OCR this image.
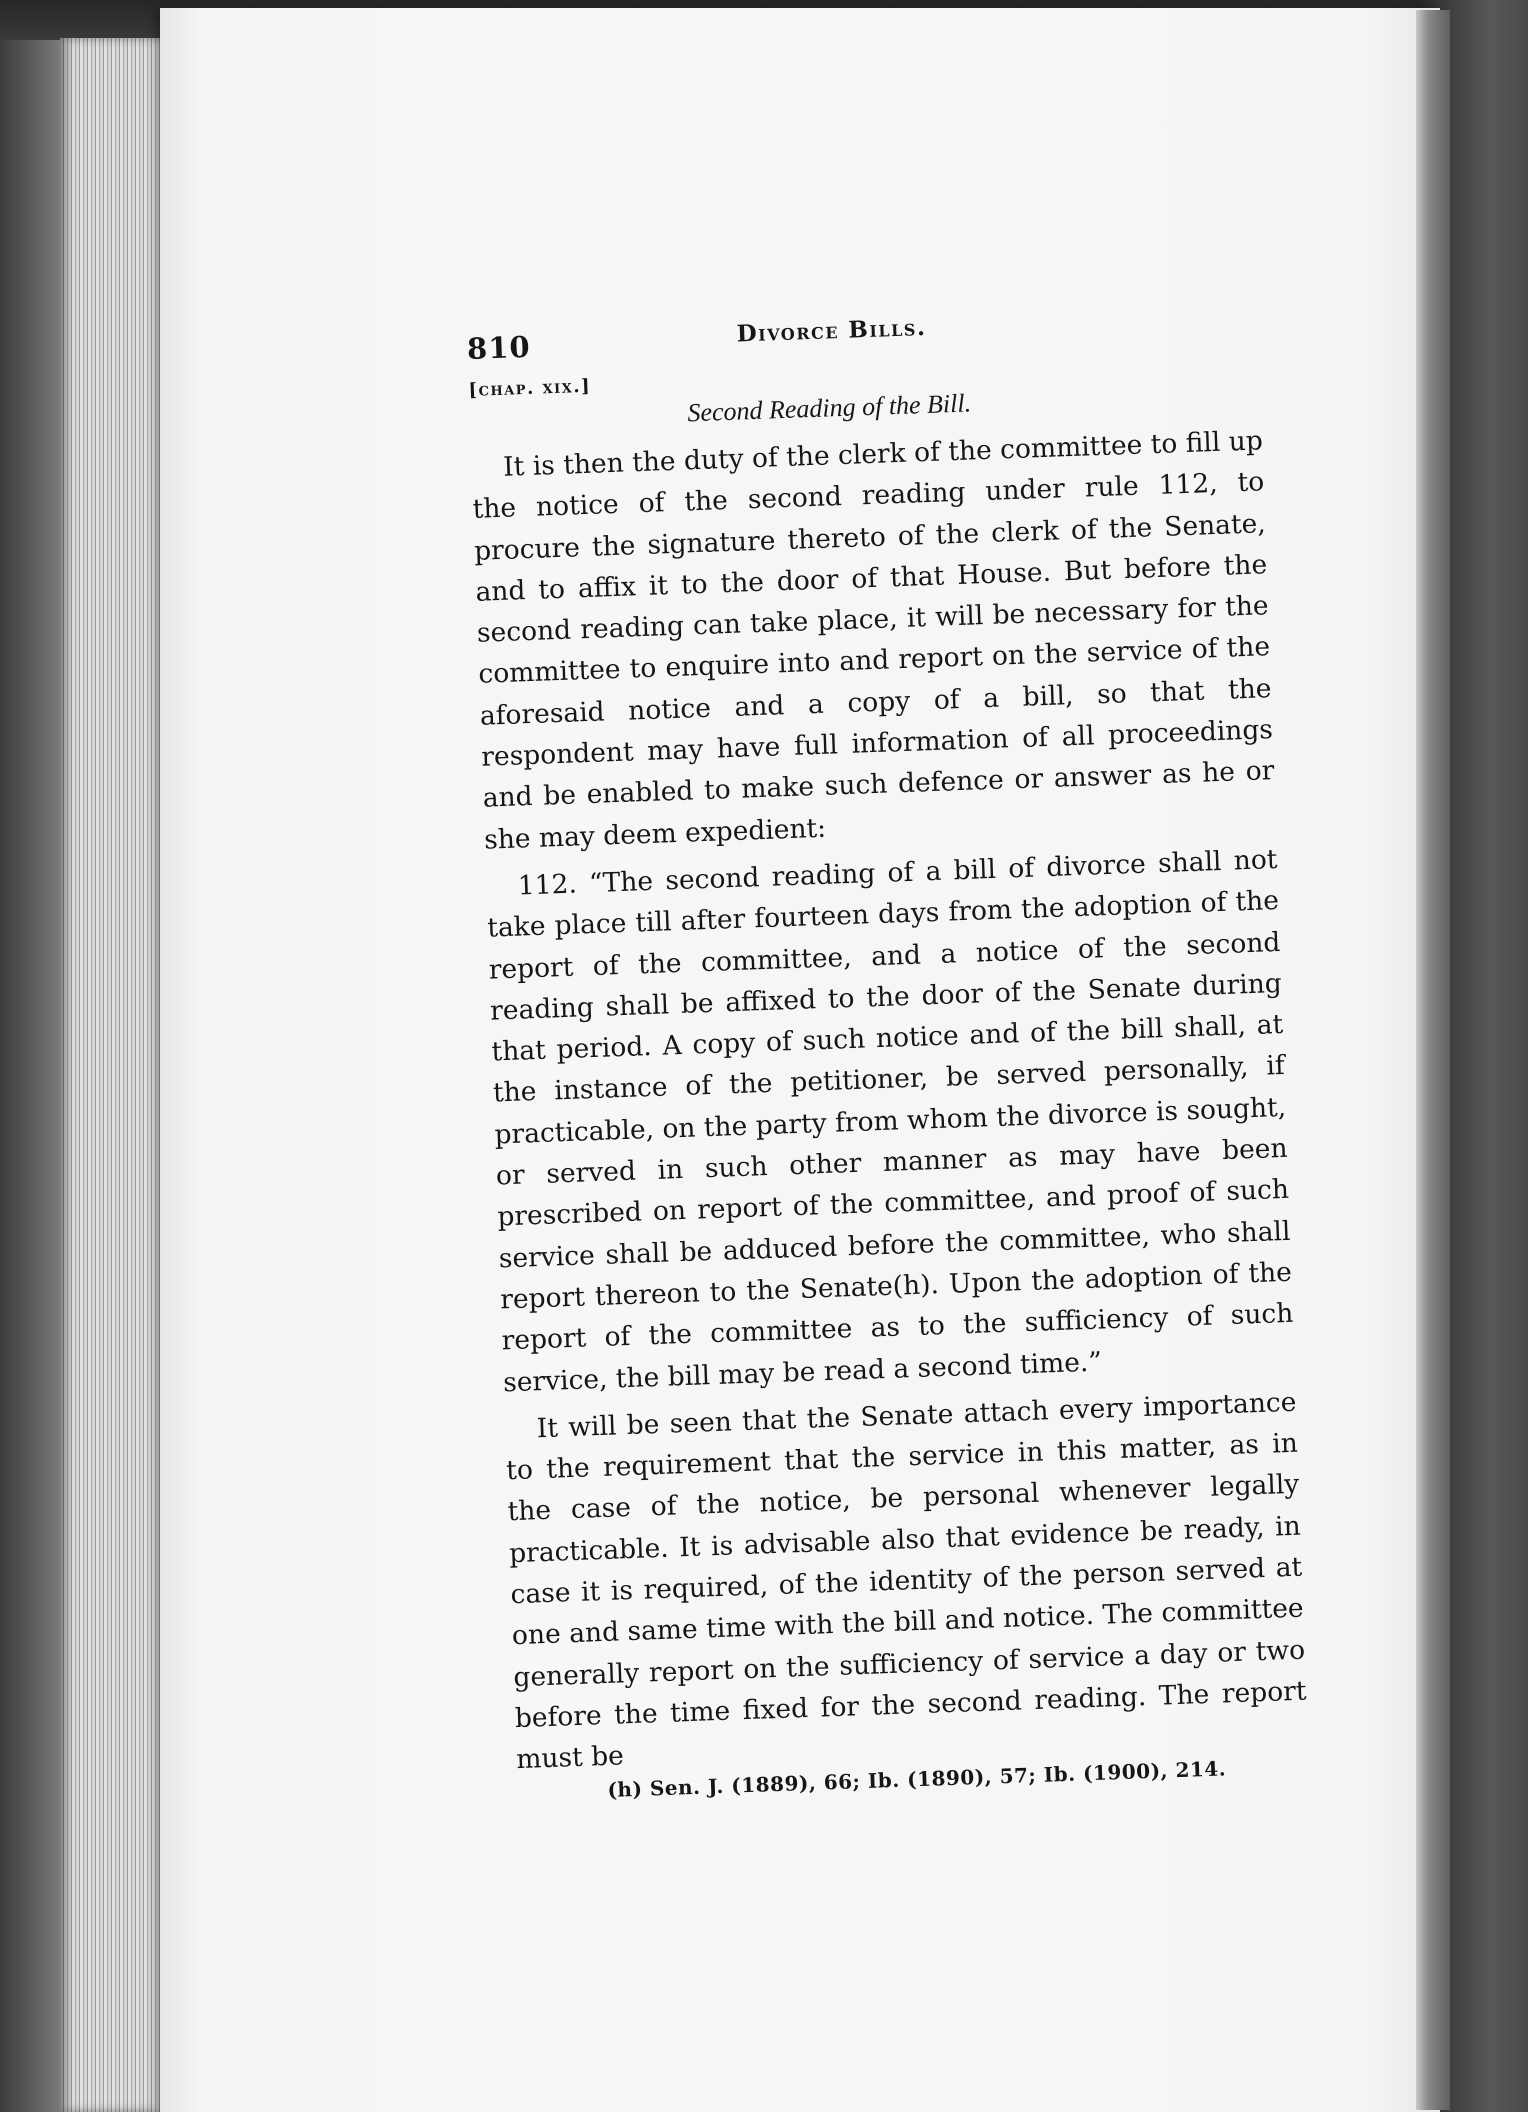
810	Divorce Bills.
[chap. xix.]
Second Reading of the Bill.

It is then the duty of the clerk of the committee to fill up the notice of the second reading under rule 112, to procure the signature thereto of the clerk of the Senate, and to affix it to the door of that House. But before the second reading can take place, it will be necessary for the committee to enquire into and report on the service of the aforesaid notice and a copy of a bill, so that the respondent may have full information of all proceedings and be enabled to make such defence or answer as he or she may deem expedient:

112. “The second reading of a bill of divorce shall not take place till after fourteen days from the adoption of the report of the committee, and a notice of the second reading shall be affixed to the door of the Senate during that period. A copy of such notice and of the bill shall, at the instance of the petitioner, be served personally, if practicable, on the party from whom the divorce is sought, or served in such other manner as may have been prescribed on report of the committee, and proof of such service shall be adduced before the committee, who shall report thereon to the Senate(h). Upon the adoption of the report of the committee as to the sufficiency of such service, the bill may be read a second time.”

It will be seen that the Senate attach every importance to the requirement that the service in this matter, as in the case of the notice, be personal whenever legally practicable. It is advisable also that evidence be ready, in case it is required, of the identity of the person served at one and same time with the bill and notice. The committee generally report on the sufficiency of service a day or two before the time fixed for the second reading. The report must be

(h) Sen. J. (1889), 66; Ib. (1890), 57; Ib. (1900), 214.
